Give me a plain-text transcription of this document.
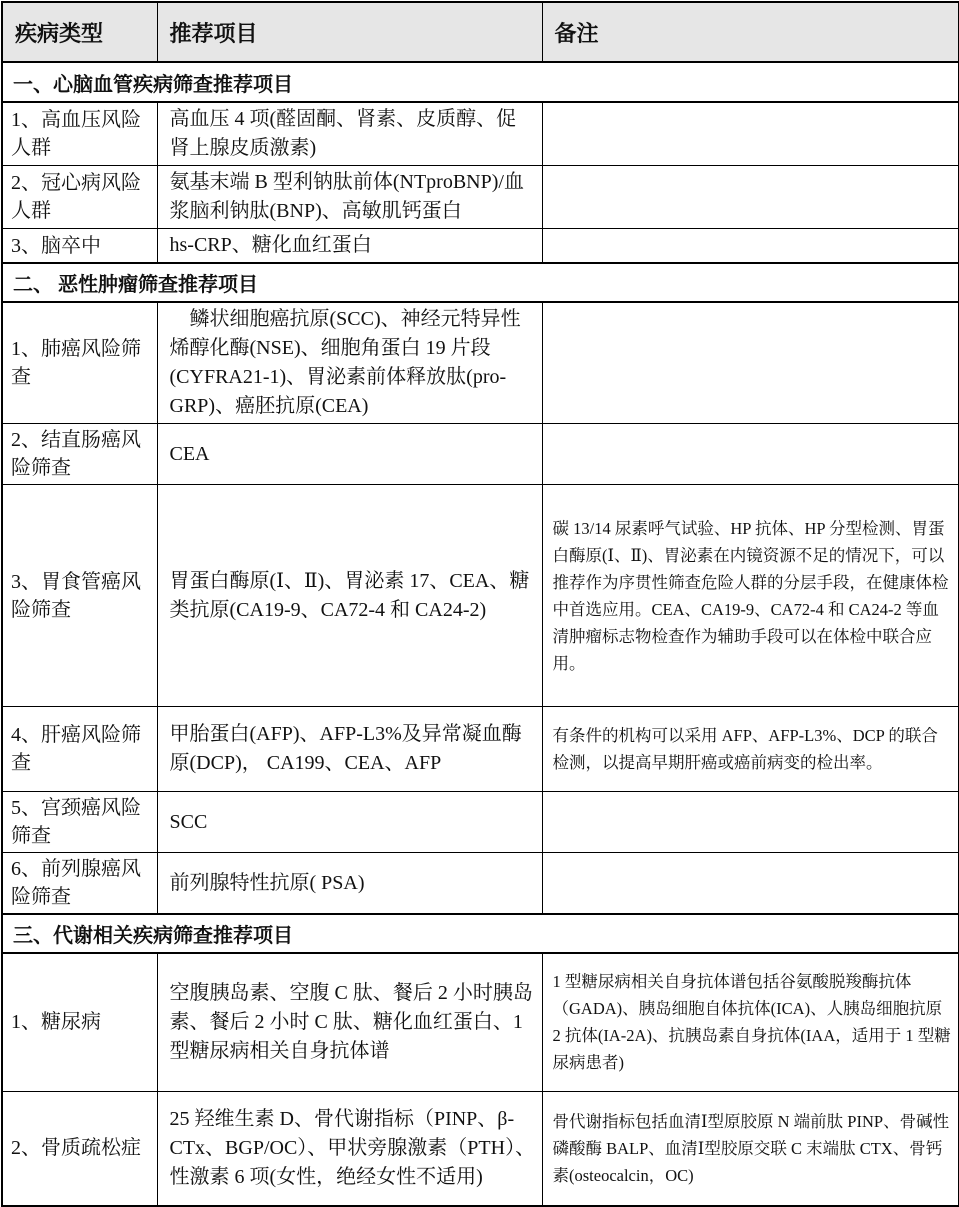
疾病类型	推荐项目	备注
一、心脑血管疾病筛查推荐项目		
1、高血压风险人群	高血压 4 项(醛固酮、肾素、皮质醇、促肾上腺皮质激素)	
2、冠心病风险人群	氨基末端 B 型利钠肽前体(NTproBNP)/血浆脑利钠肽(BNP)、高敏肌钙蛋白	
3、脑卒中	hs-CRP、糖化血红蛋白	
二、 恶性肿瘤筛查推荐项目		
1、肺癌风险筛查	　鳞状细胞癌抗原(SCC)、神经元特异性烯醇化酶(NSE)、细胞角蛋白 19 片段(CYFRA21-1)、胃泌素前体释放肽(pro-GRP)、癌胚抗原(CEA)	
2、结直肠癌风险筛查	CEA	
3、胃食管癌风险筛查	胃蛋白酶原(Ⅰ、Ⅱ)、胃泌素 17、CEA、糖类抗原(CA19-9、CA72-4 和 CA24-2)	碳 13/14 尿素呼气试验、HP 抗体、HP 分型检测、胃蛋白酶原(Ⅰ、Ⅱ)、胃泌素在内镜资源不足的情况下，可以推荐作为序贯性筛查危险人群的分层手段，在健康体检中首选应用。CEA、CA19-9、CA72-4 和 CA24-2 等血清肿瘤标志物检查作为辅助手段可以在体检中联合应用。
4、肝癌风险筛查	甲胎蛋白(AFP)、AFP-L3%及异常凝血酶原(DCP)， CA199、CEA、AFP	有条件的机构可以采用 AFP、AFP-L3%、DCP 的联合检测，以提高早期肝癌或癌前病变的检出率。
5、宫颈癌风险筛查	SCC	
6、前列腺癌风险筛查	前列腺特性抗原( PSA)	
三、代谢相关疾病筛查推荐项目		
1、糖尿病	空腹胰岛素、空腹 C 肽、餐后 2 小时胰岛素、餐后 2 小时 C 肽、糖化血红蛋白、1 型糖尿病相关自身抗体谱	1 型糖尿病相关自身抗体谱包括谷氨酸脱羧酶抗体（GADA)、胰岛细胞自体抗体(ICA)、人胰岛细胞抗原 2 抗体(IA-2A)、抗胰岛素自身抗体(IAA，适用于 1 型糖尿病患者)
2、骨质疏松症	25 羟维生素 D、骨代谢指标（PINP、β-CTx、BGP/OC）、甲状旁腺激素（PTH）、性激素 6 项(女性，绝经女性不适用)	骨代谢指标包括血清Ⅰ型原胶原 N 端前肽 PINP、骨碱性磷酸酶 BALP、血清Ⅰ型胶原交联 C 末端肽 CTX、骨钙素(osteocalcin，OC)
